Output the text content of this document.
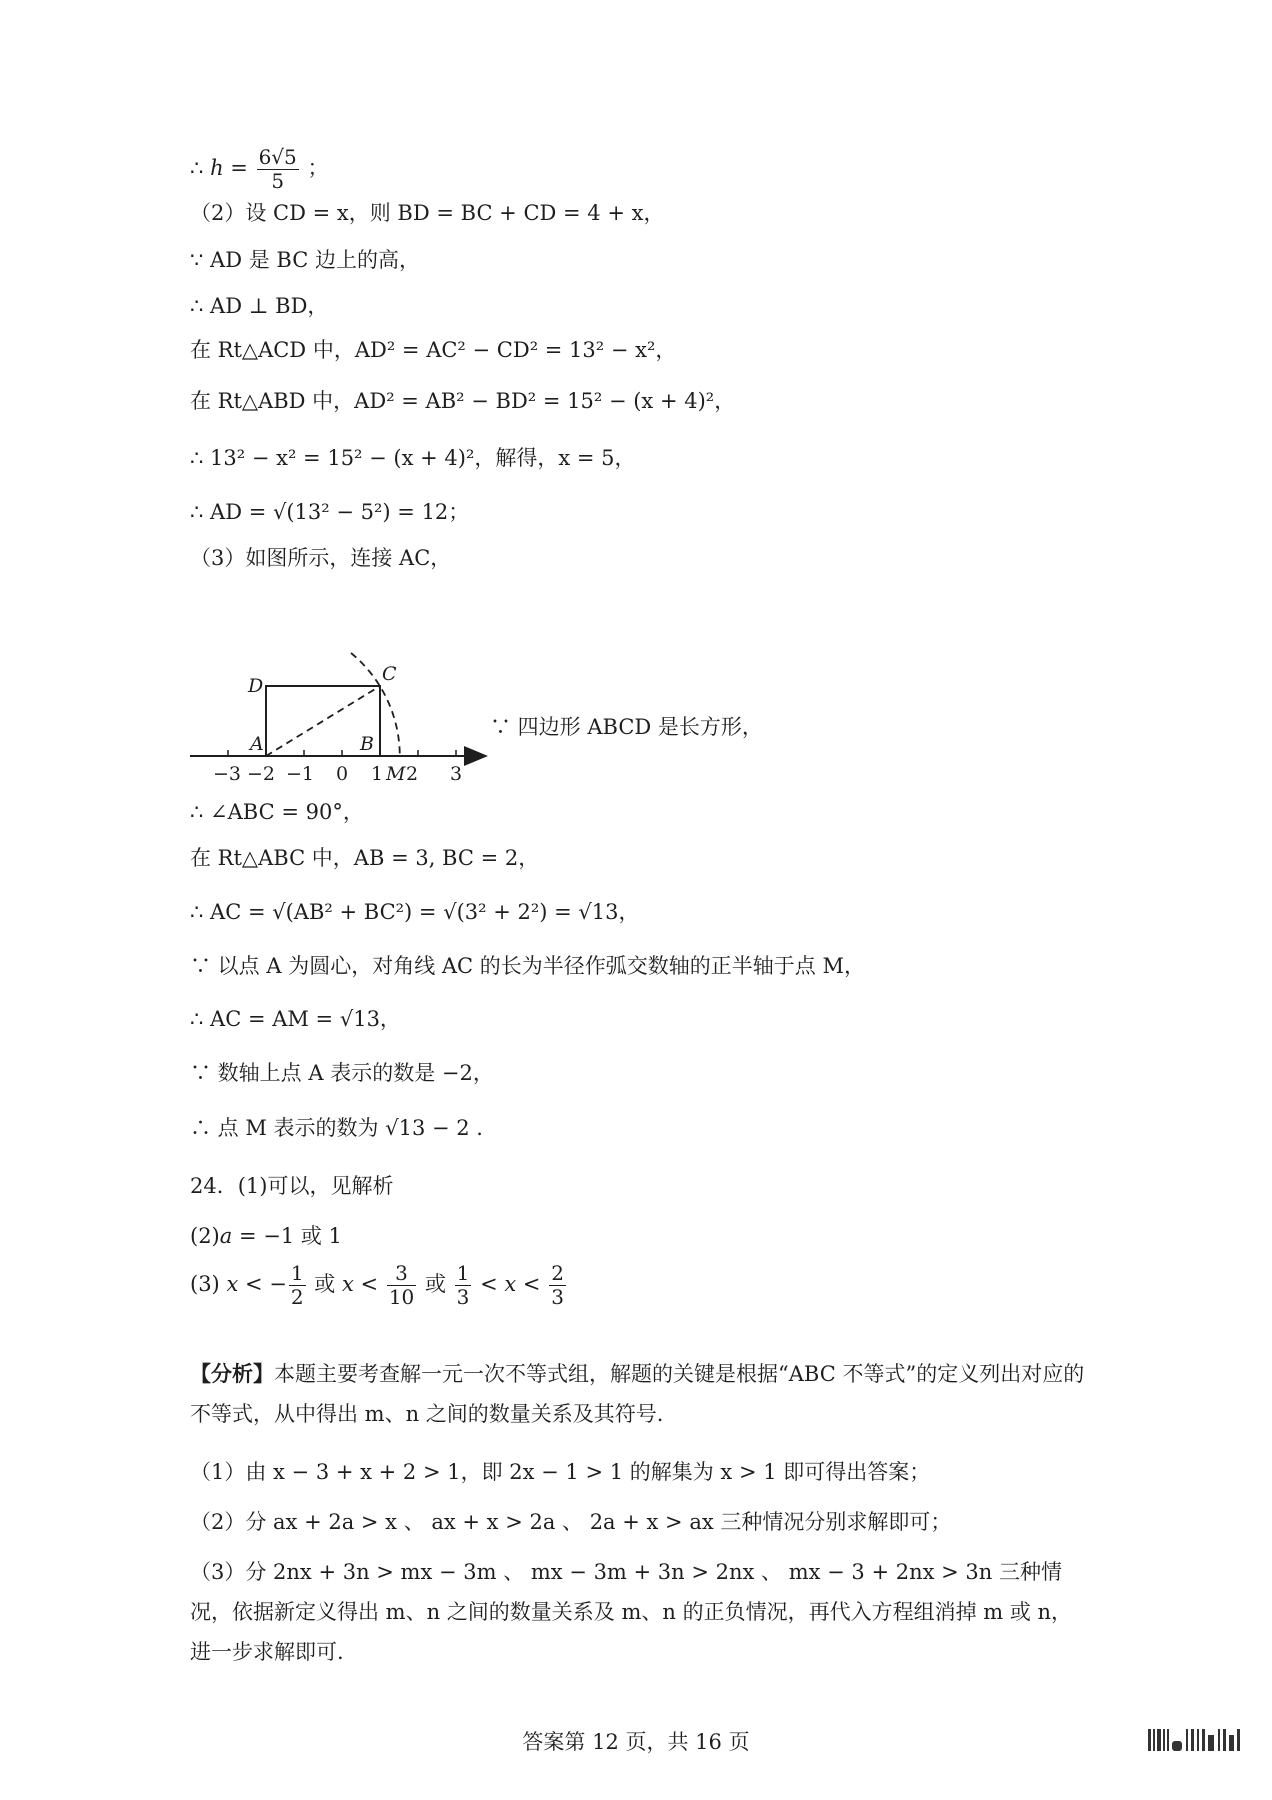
∴ $h = \frac{6√5}{5}$ ；
（2）设 CD = x，则 BD = BC + CD = 4 + x，
∵ AD 是 BC 边上的高，
∴ AD ⊥ BD，
在 Rt△ACD 中，AD² = AC² − CD² = 13² − x²，
在 Rt△ABD 中，AD² = AB² − BD² = 15² − (x + 4)²，
∴ 13² − x² = 15² − (x + 4)²，解得，x = 5，
∴ AD = √(13² − 5²) = 12；
（3）如图所示，连接 AC，
D
C
A	B
M
−3 −2 −1 0 1 2 3
∵ 四边形 ABCD 是长方形，
∴ ∠ABC = 90°，
在 Rt△ABC 中，AB = 3, BC = 2，
∴ AC = √(AB² + BC²) = √(3² + 2²) = √13，
∵ 以点 A 为圆心，对角线 AC 的长为半径作弧交数轴的正半轴于点 M，
∴ AC = AM = √13，
∵ 数轴上点 A 表示的数是 −2，
∴ 点 M 表示的数为 √13 − 2 .
24．(1)可以，见解析
(2)a = −1 或 1
(3) x < − $\frac{1}{2}$ 或 $x < \frac{3}{10}$ 或 $\frac{1}{3} < x < \frac{2}{3}$
【分析】本题主要考查解一元一次不等式组，解题的关键是根据“ABC 不等式”的定义列出对应的不等式，从中得出 m、n 之间的数量关系及其符号.
（1）由 x − 3 + x + 2 > 1，即 2x − 1 > 1 的解集为 x > 1 即可得出答案；
（2）分 ax + 2a > x 、 ax + x > 2a 、 2a + x > ax 三种情况分别求解即可；
（3）分 2nx + 3n > mx − 3m 、 mx − 3m + 3n > 2nx 、 mx − 3 + 2nx > 3n 三种情况，依据新定义得出 m、n 之间的数量关系及 m、n 的正负情况，再代入方程组消掉 m 或 n，进一步求解即可.
答案第 12 页，共 16 页
